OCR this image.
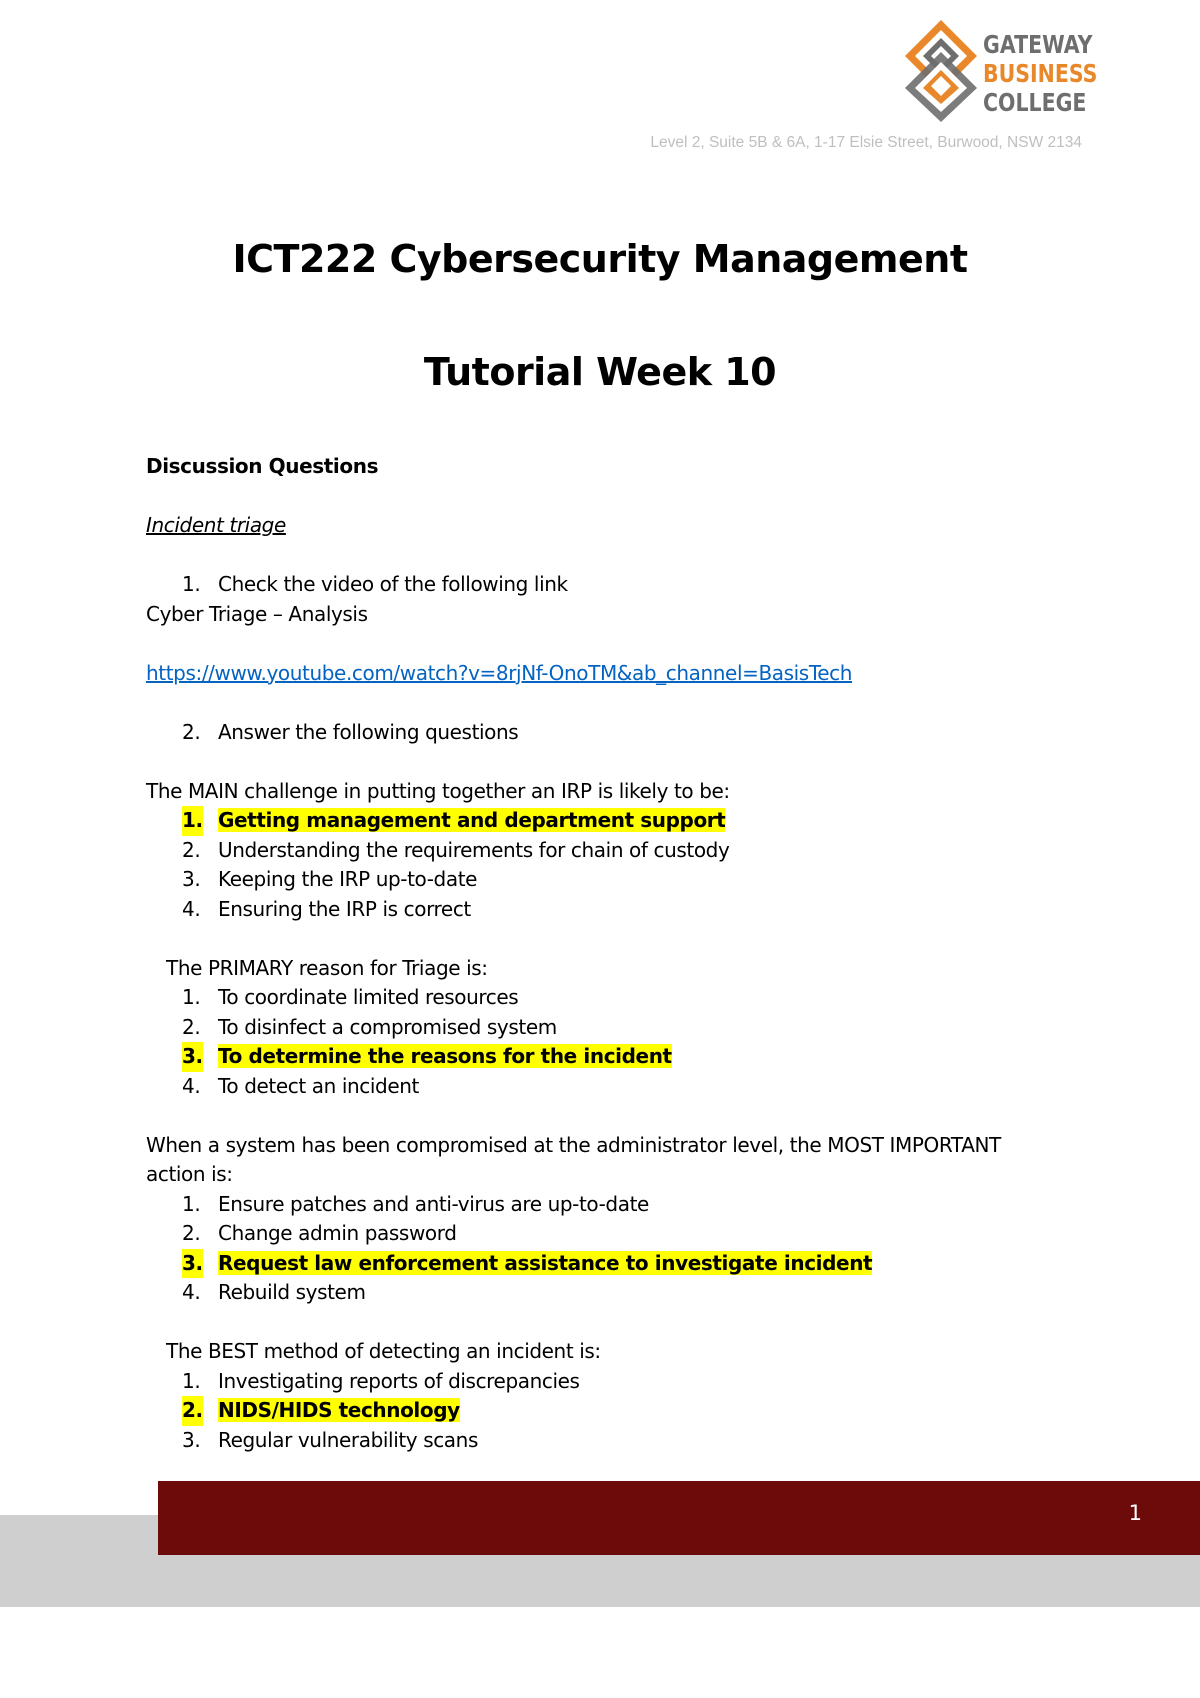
GATEWAY
BUSINESS
COLLEGE
Level 2, Suite 5B & 6A, 1-17 Elsie Street, Burwood, NSW 2134
ICT222 Cybersecurity Management
Tutorial Week 10

Discussion Questions

Incident triage

1. Check the video of the following link

Cyber Triage – Analysis

https://www.youtube.com/watch?v=8rjNf-OnoTM&ab_channel=BasisTech

2. Answer the following questions

The MAIN challenge in putting together an IRP is likely to be:

1. Getting management and department support

2. Understanding the requirements for chain of custody

3. Keeping the IRP up-to-date

4. Ensuring the IRP is correct

The PRIMARY reason for Triage is:

1. To coordinate limited resources

2. To disinfect a compromised system

3. To determine the reasons for the incident

4. To detect an incident

When a system has been compromised at the administrator level, the MOST IMPORTANT

action is:

1. Ensure patches and anti-virus are up-to-date

2. Change admin password

3. Request law enforcement assistance to investigate incident

4. Rebuild system

The BEST method of detecting an incident is:

1. Investigating reports of discrepancies

2. NIDS/HIDS technology

3. Regular vulnerability scans

1
